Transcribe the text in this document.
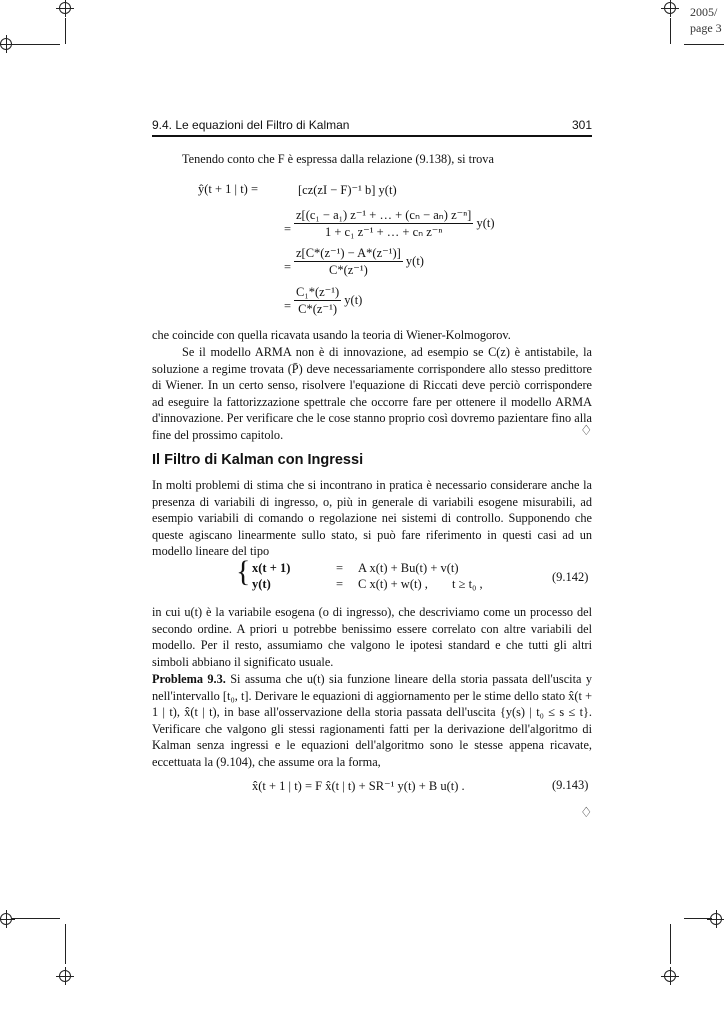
2005/
page 3
9.4. Le equazioni del Filtro di Kalman	301
Tenendo conto che F è espressa dalla relazione (9.138), si trova
ŷ(t + 1 | t) =	[cz(zI − F)⁻¹ b] y(t)
= $\frac{\text{z[(c₁ − a₁) z⁻¹ + … + (cₙ − aₙ) z⁻ⁿ]}}{\text{1 + c₁ z⁻¹ + … + cₙ z⁻ⁿ}} y(t)$
= $\frac{\text{z[C*(z⁻¹) − A*(z⁻¹)]}}{\text{C*(z⁻¹)}} y(t)$
= $\frac{\text{C₁*(z⁻¹)}}{\text{C*(z⁻¹)}} y(t)$
che coincide con quella ricavata usando la teoria di Wiener-Kolmogorov.
Se il modello ARMA non è di innovazione, ad esempio se C(z) è antistabile, la soluzione a regime trovata (P̄) deve necessariamente corrispondere allo stesso predittore di Wiener. In un certo senso, risolvere l'equazione di Riccati deve perciò corrispondere ad eseguire la fattorizzazione spettrale che occorre fare per ottenere il modello ARMA d'innovazione. Per verificare che le cose stanno proprio così dovremo pazientare fino alla fine del prossimo capitolo.	♢
Il Filtro di Kalman con Ingressi
In molti problemi di stima che si incontrano in pratica è necessario considerare anche la presenza di variabili di ingresso, o, più in generale di variabili esogene misurabili, ad esempio variabili di comando o regolazione nei sistemi di controllo. Supponendo che queste agiscano linearmente sullo stato, si può fare riferimento in questi casi ad un modello lineare del tipo
{ x(t + 1)	= A x(t) + Bu(t) + v(t)
y(t)	= C x(t) + w(t) , t ≥ t₀ ,	(9.142)
in cui u(t) è la variabile esogena (o di ingresso), che descriviamo come un processo del secondo ordine. A priori u potrebbe benissimo essere correlato con altre variabili del modello. Per il resto, assumiamo che valgono le ipotesi standard e che tutti gli altri simboli abbiano il significato usuale.
Problema 9.3. Si assuma che u(t) sia funzione lineare della storia passata dell'uscita y nell'intervallo [t₀, t]. Derivare le equazioni di aggiornamento per le stime dello stato x̂(t + 1 | t), x̂(t | t), in base all'osservazione della storia passata dell'uscita {y(s) | t₀ ≤ s ≤ t}. Verificare che valgono gli stessi ragionamenti fatti per la derivazione dell'algoritmo di Kalman senza ingressi e le equazioni dell'algoritmo sono le stesse appena ricavate, eccettuata la (9.104), che assume ora la forma,
x̂(t + 1 | t) = F x̂(t | t) + SR⁻¹ y(t) + B u(t) .	(9.143)
♢
